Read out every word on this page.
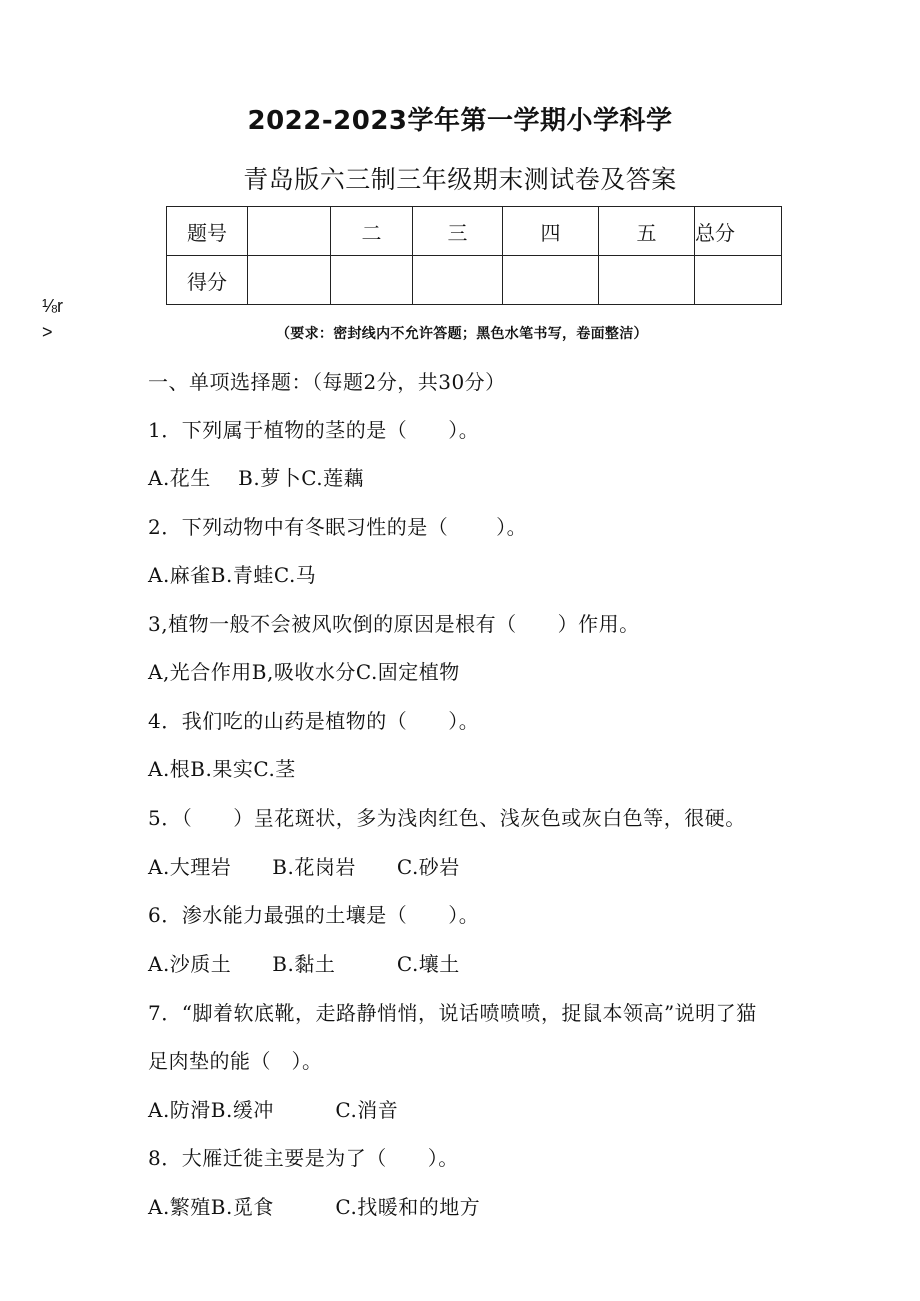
2022-2023学年第一学期小学科学
青岛版六三制三年级期末测试卷及答案
题号		二	三	四	五	总分
得分						
⅛r
>	（要求：密封线内不允许答题；黑色水笔书写，卷面整洁）
一、单项选择题：（每题2分，共30分）
1．下列属于植物的茎的是（　　）。
A.花生　 B.萝卜C.莲藕
2．下列动物中有冬眠习性的是（　　 ）。
A.麻雀B.青蛙C.马
3,植物一般不会被风吹倒的原因是根有（　　）作用。
A,光合作用B,吸收水分C.固定植物
4．我们吃的山药是植物的（　　）。
A.根B.果实C.茎
5．（　　）呈花斑状，多为浅肉红色、浅灰色或灰白色等，很硬。
A.大理岩　　B.花岗岩　　C.砂岩
6．渗水能力最强的土壤是（　　）。
A.沙质土　　B.黏土　　　C.壤土
7．“脚着软底靴，走路静悄悄，说话喷喷喷，捉鼠本领高”说明了猫
足肉垫的能（　）。
A.防滑B.缓冲　　　C.消音
8．大雁迁徙主要是为了（　　）。
A.繁殖B.觅食　　　C.找暖和的地方
